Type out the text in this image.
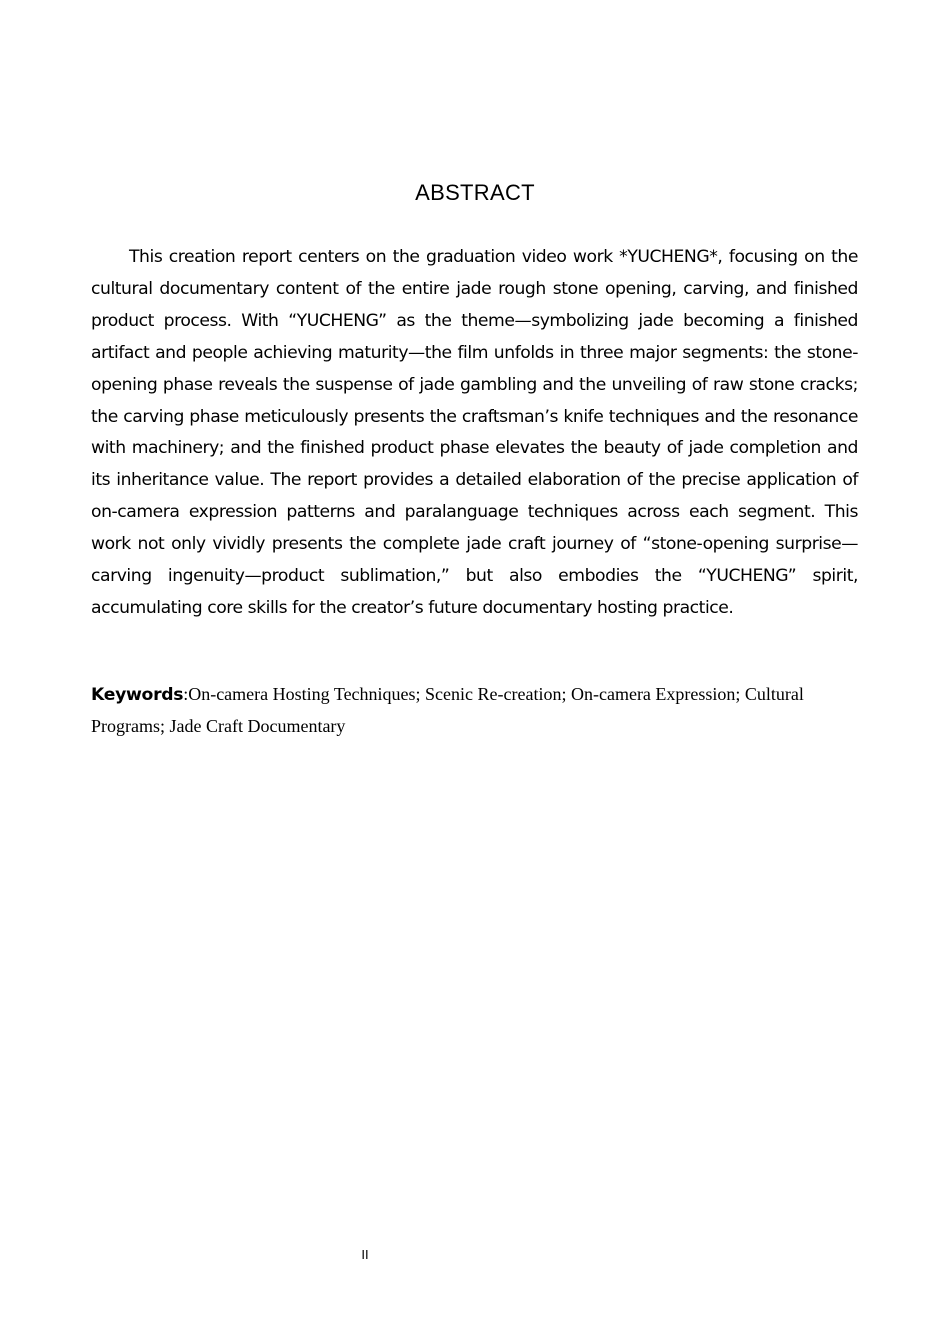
ABSTRACT

This creation report centers on the graduation video work *YUCHENG*, focusing on the cultural documentary content of the entire jade rough stone opening, carving, and finished product process. With “YUCHENG” as the theme—symbolizing jade becoming a finished artifact and people achieving maturity—the film unfolds in three major segments: the stone-opening phase reveals the suspense of jade gambling and the unveiling of raw stone cracks; the carving phase meticulously presents the craftsman’s knife techniques and the resonance with machinery; and the finished product phase elevates the beauty of jade completion and its inheritance value. The report provides a detailed elaboration of the precise application of on-camera expression patterns and paralanguage techniques across each segment. This work not only vividly presents the complete jade craft journey of “stone-opening surprise—carving ingenuity—product sublimation,” but also embodies the “YUCHENG” spirit, accumulating core skills for the creator’s future documentary hosting practice.

Keywords:On-camera Hosting Techniques; Scenic Re-creation; On-camera Expression; Cultural Programs; Jade Craft Documentary

II
